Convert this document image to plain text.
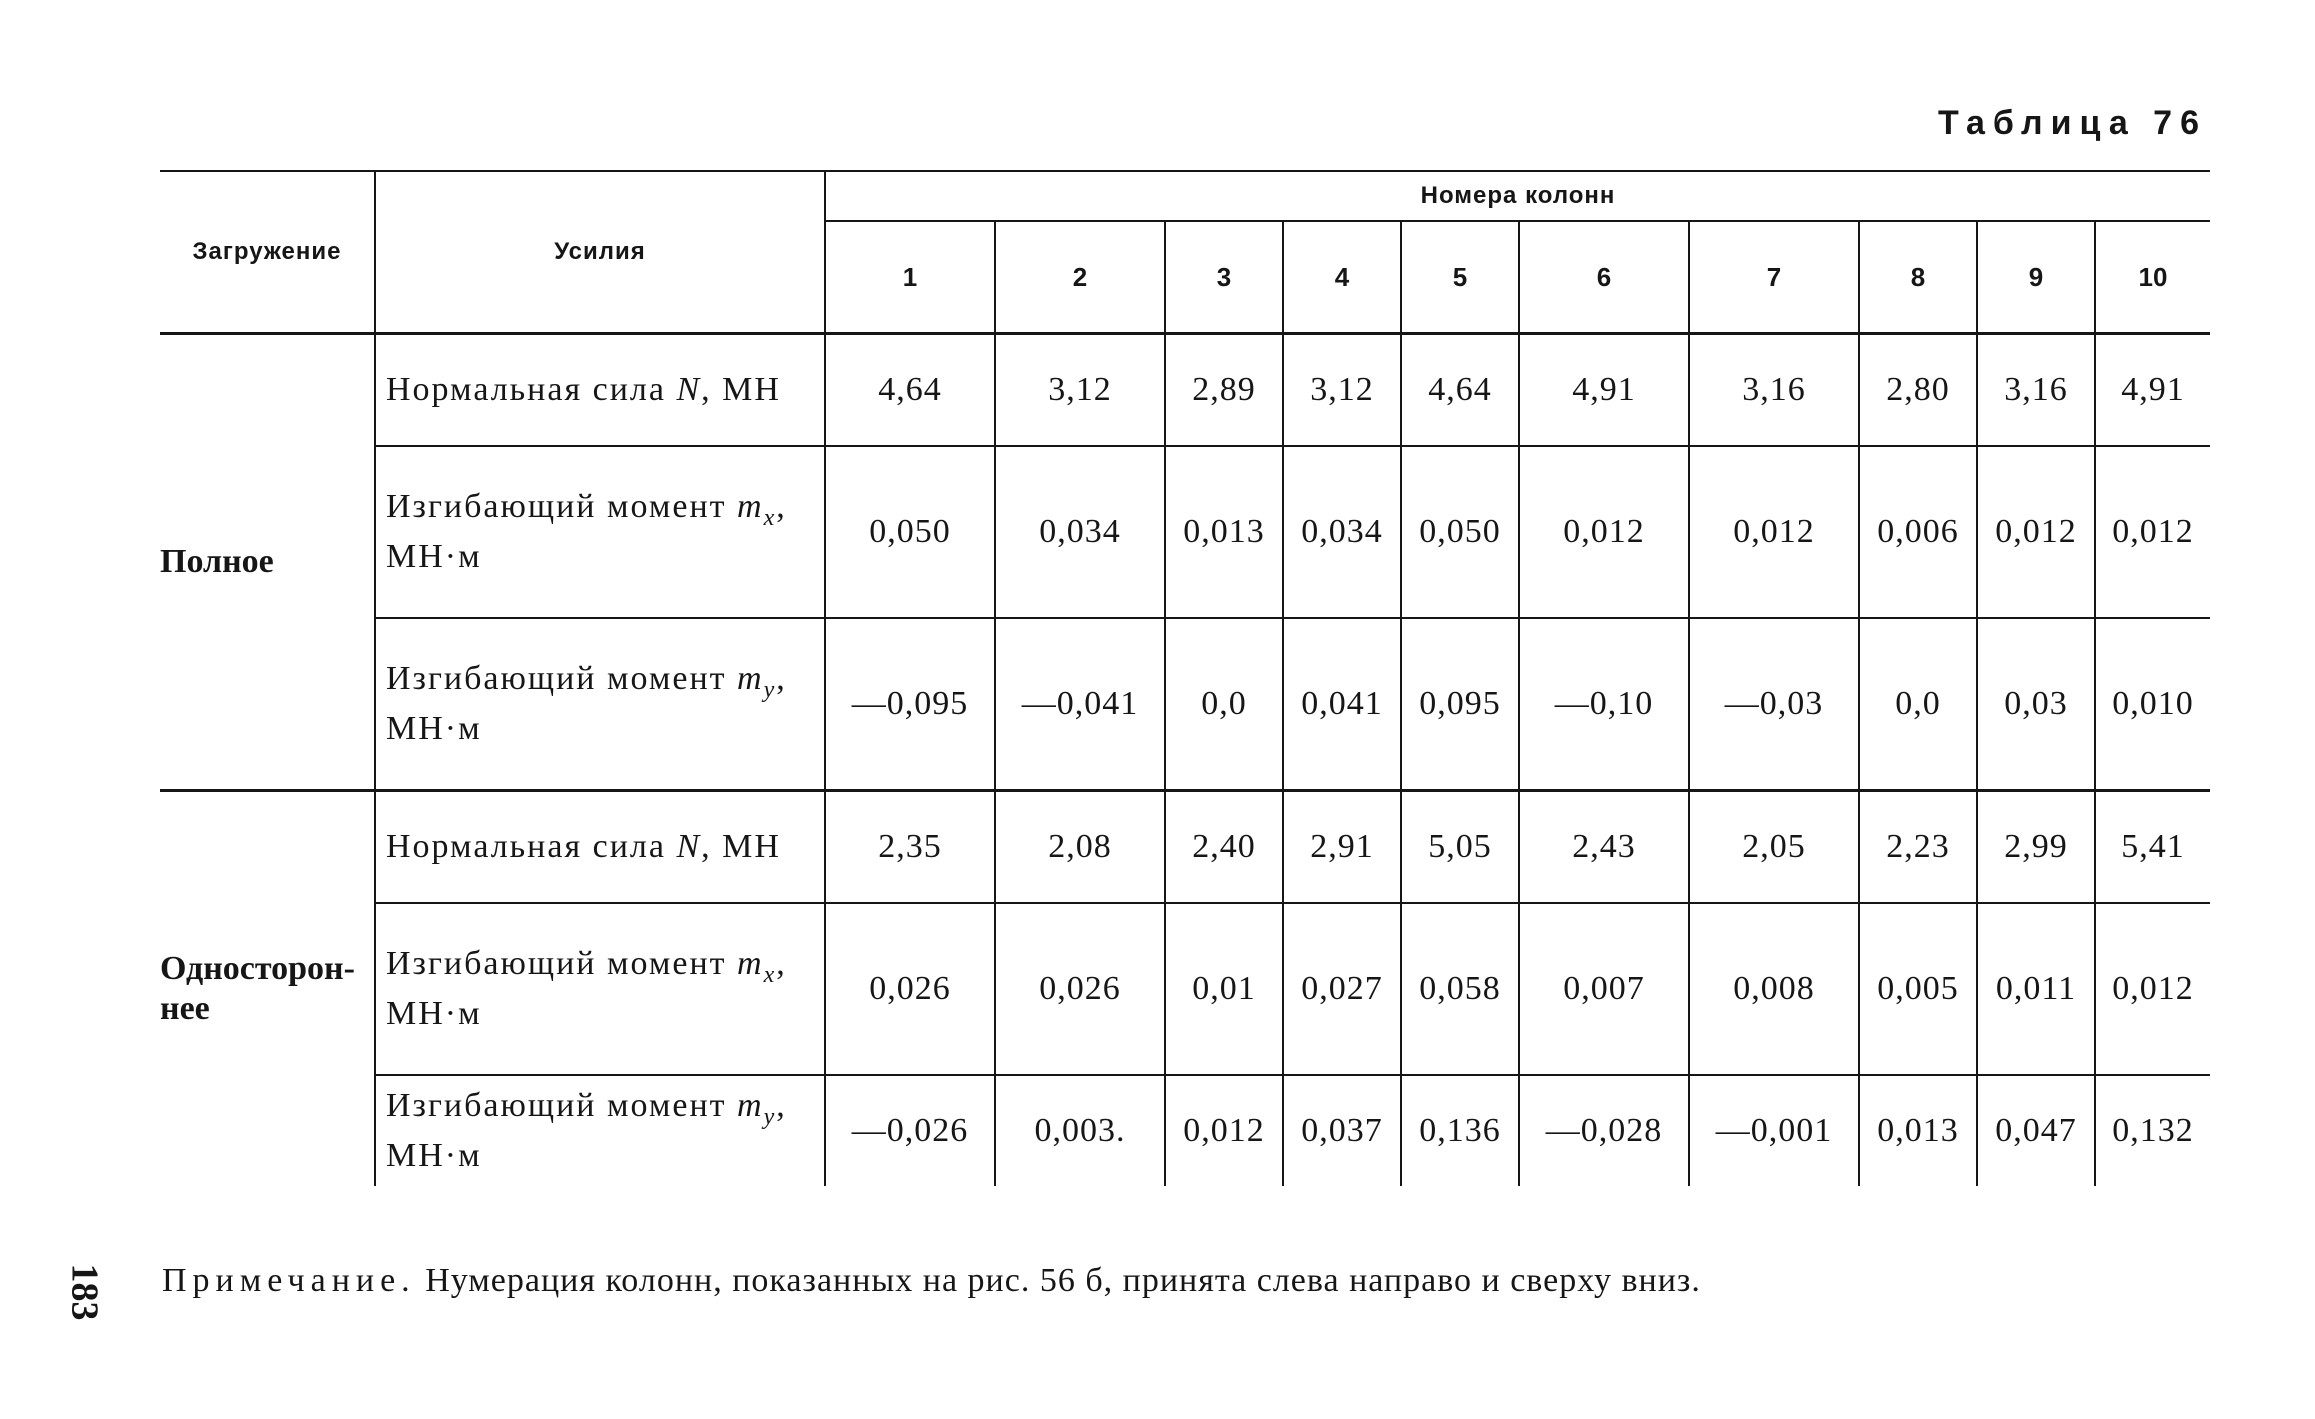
183
Таблица 76
Загружение	Усилия	Номера колонн									
		1	2	3	4	5	6	7	8	9	10
Полное	Нормальная сила N, МН	4,64	3,12	2,89	3,12	4,64	4,91	3,16	2,80	3,16	4,91
	Изгибающий момент $m_x$, МН·м	0,050	0,034	0,013	0,034	0,050	0,012	0,012	0,006	0,012	0,012
	Изгибающий момент $m_y$, МН·м	—0,095	—0,041	0,0	0,041	0,095	—0,10	—0,03	0,0	0,03	0,010

Односторон-
нее	Нормальная сила N, МН	2,35	2,08	2,40	2,91	5,05	2,43	2,05	2,23	2,99	5,41
	Изгибающий момент $m_x$, МН·м	0,026	0,026	0,01	0,027	0,058	0,007	0,008	0,005	0,011	0,012
	Изгибающий момент $m_y$, МН·м	—0,026	0,003.	0,012	0,037	0,136	—0,028	—0,001	0,013	0,047	0,132
Примечание. Нумерация колонн, показанных на рис. 56 б, принята слева направо и сверху вниз.
